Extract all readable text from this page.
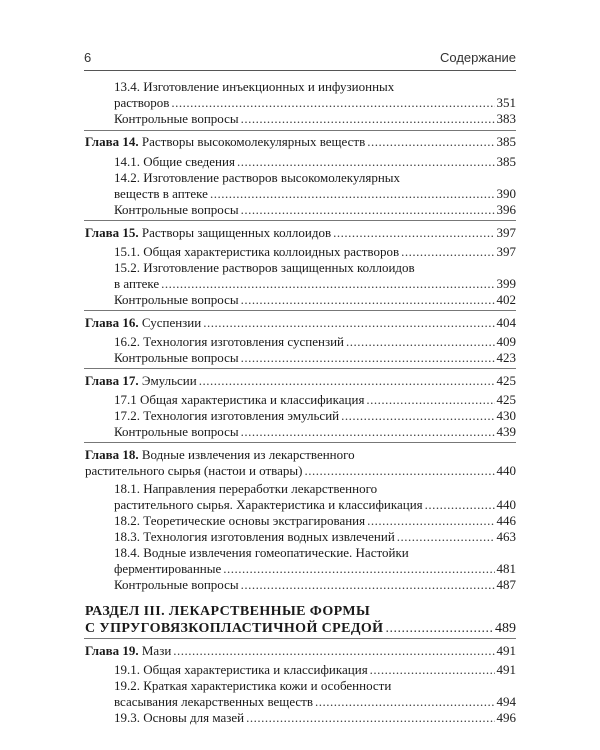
6	Содержание
13.4. Изготовление инъекционных и инфузионных
растворов .....	351
Контрольные вопросы .....	383
Глава 14. Растворы высокомолекулярных веществ .....	385
14.1. Общие сведения .....	385
14.2. Изготовление растворов высокомолекулярных
веществ в аптеке .....	390
Контрольные вопросы .....	396
Глава 15. Растворы защищенных коллоидов .....	397
15.1. Общая характеристика коллоидных растворов .....	397
15.2. Изготовление растворов защищенных коллоидов
в аптеке .....	399
Контрольные вопросы .....	402
Глава 16. Суспензии .....	404
16.2. Технология изготовления суспензий .....	409
Контрольные вопросы .....	423
Глава 17. Эмульсии .....	425
17.1 Общая характеристика и классификация .....	425
17.2. Технология изготовления эмульсий .....	430
Контрольные вопросы .....	439
Глава 18. Водные извлечения из лекарственного
растительного сырья (настои и отвары) .....	440
18.1. Направления переработки лекарственного
растительного сырья. Характеристика и классификация .....	440
18.2. Теоретические основы экстрагирования .....	446
18.3. Технология изготовления водных извлечений .....	463
18.4. Водные извлечения гомеопатические. Настойки
ферментированные .....	481
Контрольные вопросы .....	487
РАЗДЕЛ III. ЛЕКАРСТВЕННЫЕ ФОРМЫ
С УПРУГОВЯЗКОПЛАСТИЧНОЙ СРЕДОЙ .....	489
Глава 19. Мази .....	491
19.1. Общая характеристика и классификация .....	491
19.2. Краткая характеристика кожи и особенности
всасывания лекарственных веществ .....	494
19.3. Основы для мазей .....	496
